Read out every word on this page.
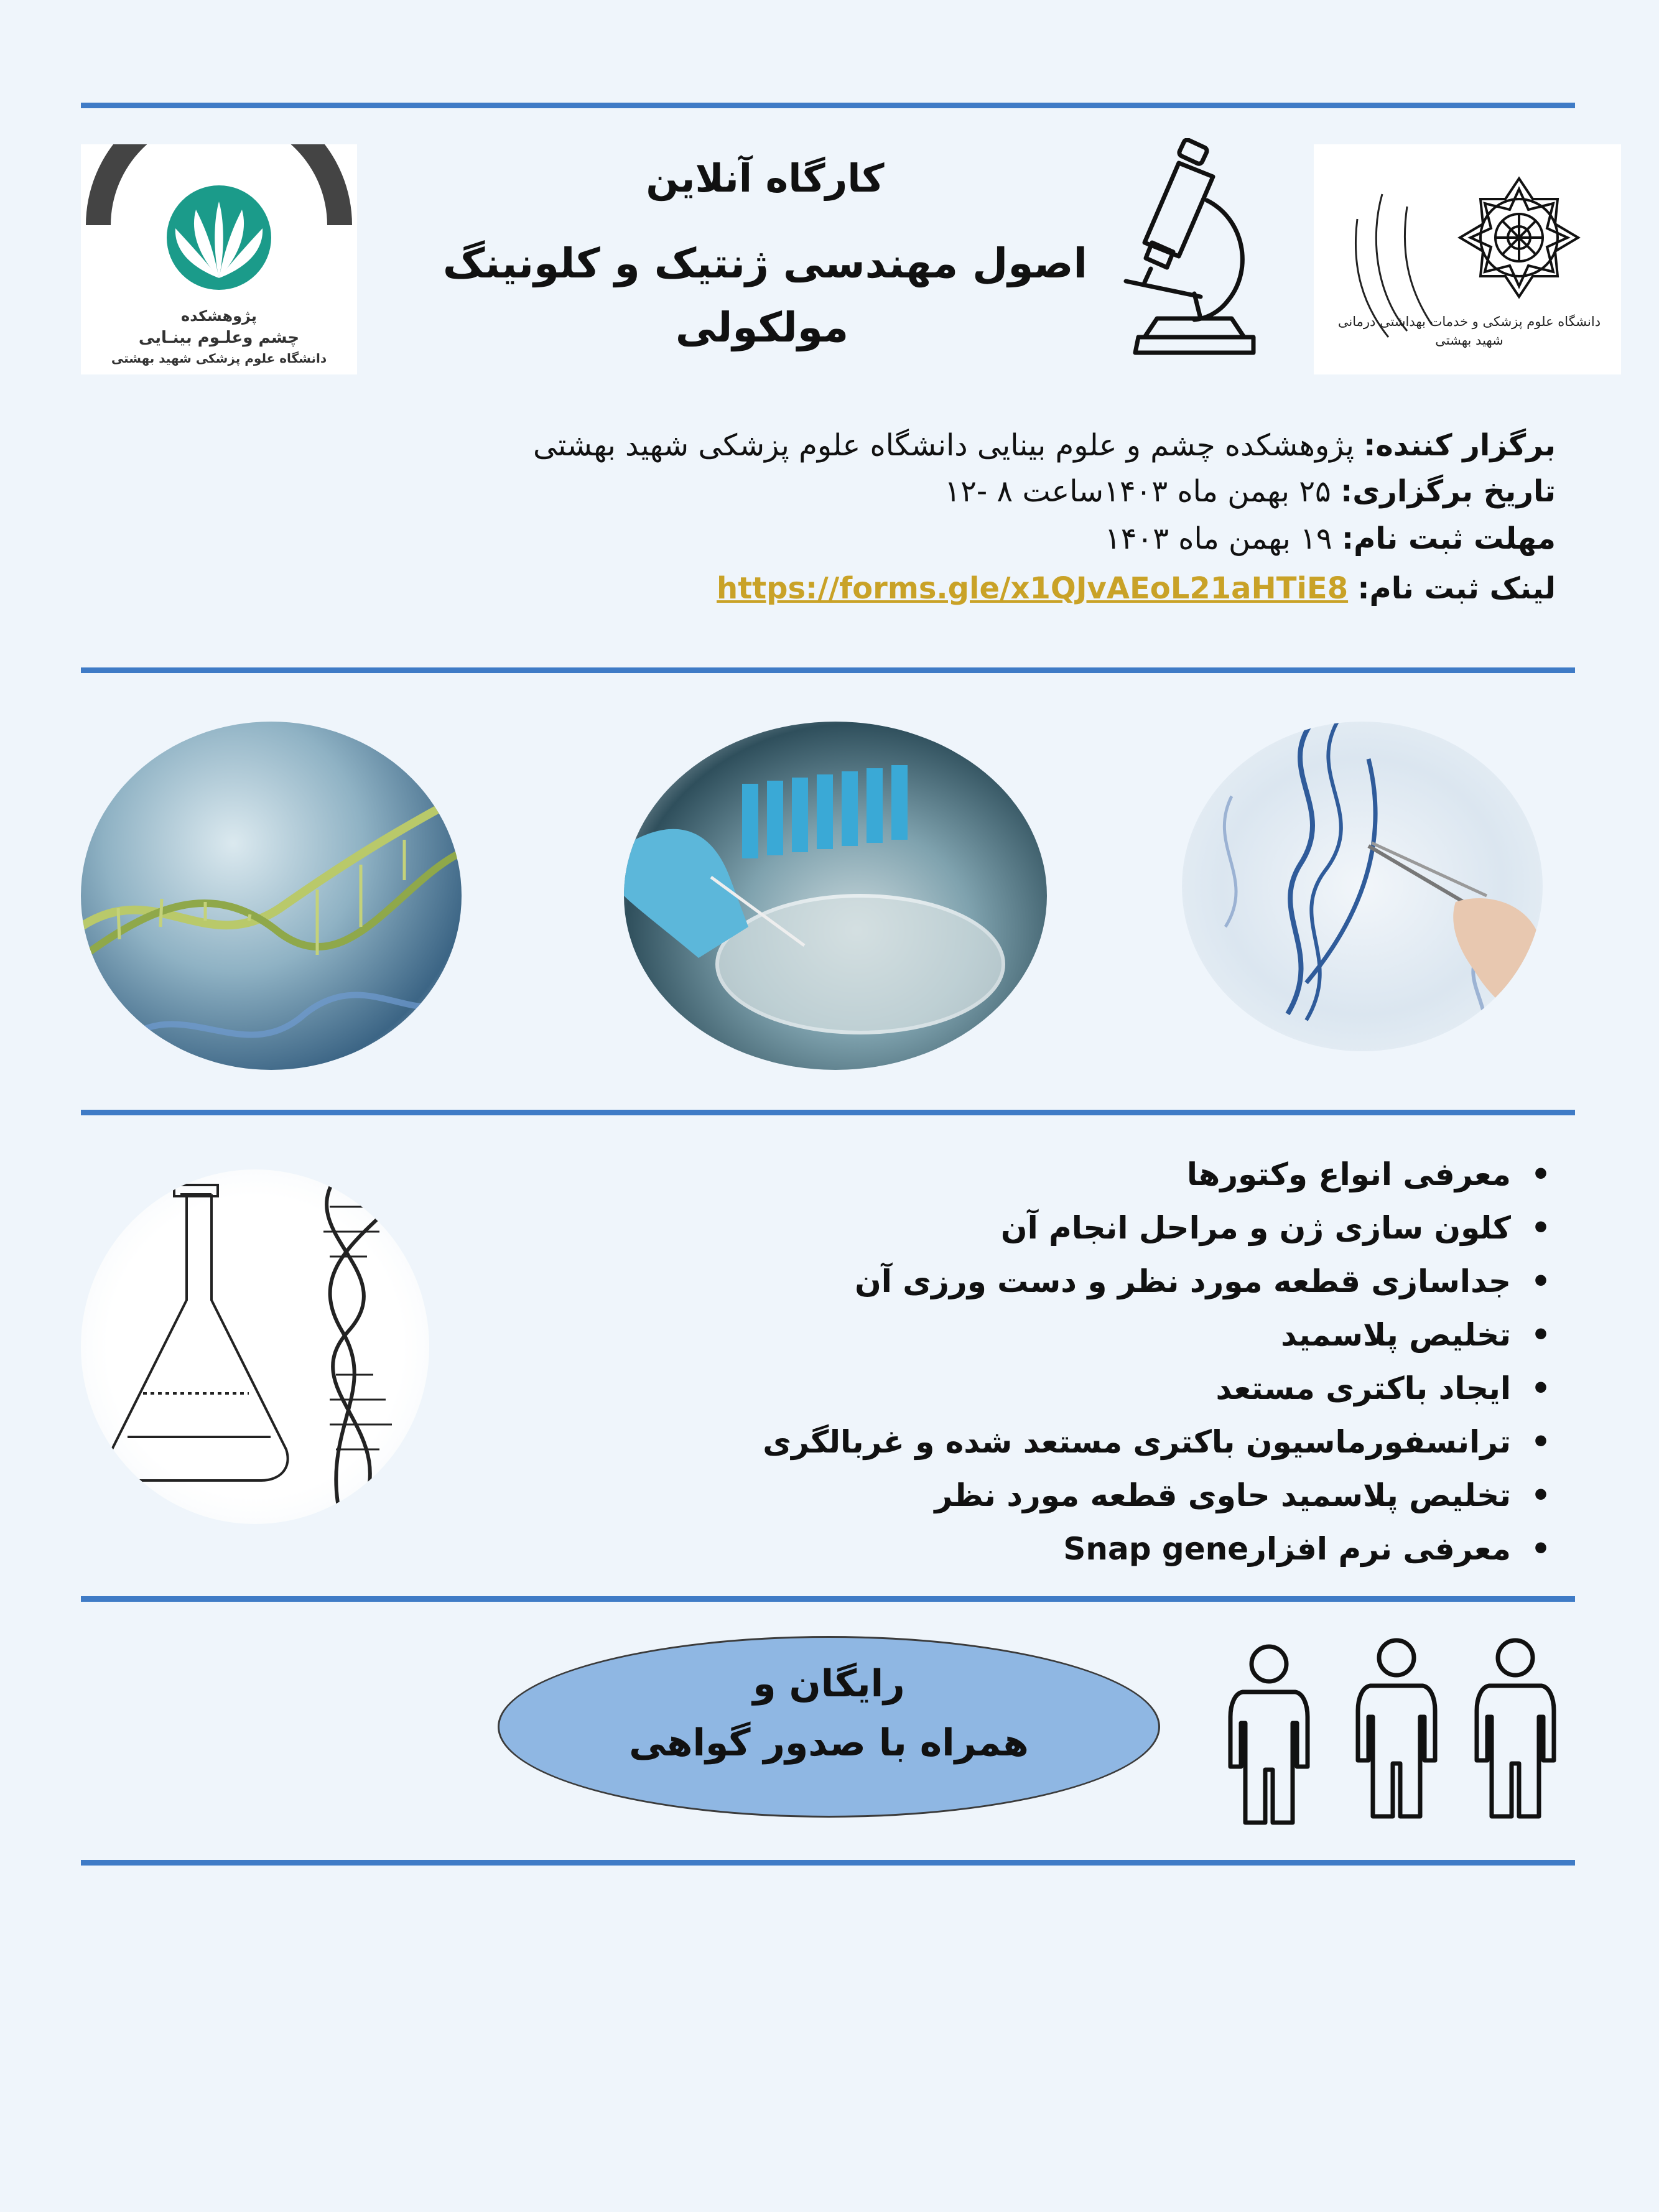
پژوهشکده
چشم وعلـوم بینـایی
دانشگاه علوم پزشکی شهید بهشتی
دانشگاه علوم پزشکی و خدمات بهداشتی درمانی شهید بهشتی
کارگاه آنلاین
اصول مهندسی ژنتیک و کلونینگ
مولکولی
برگزار کننده: پژوهشکده چشم و علوم بینایی دانشگاه علوم پزشکی شهید بهشتی
تاریخ برگزاری: ۲۵ بهمن ماه ۱۴۰۳ساعت ۸ -۱۲
مهلت ثبت نام: ۱۹ بهمن ماه ۱۴۰۳
لینک ثبت نام: https://forms.gle/x1QJvAEoL21aHTiE8
• معرفی انواع وکتورها
• کلون سازی ژن و مراحل انجام آن
• جداسازی قطعه مورد نظر و دست ورزی آن
• تخلیص پلاسمید
• ایجاد باکتری مستعد
• ترانسفورماسیون باکتری مستعد شده و غربالگری
• تخلیص پلاسمید حاوی قطعه مورد نظر
• معرفی نرم افزارSnap gene
رایگان و
همراه با صدور گواهی
